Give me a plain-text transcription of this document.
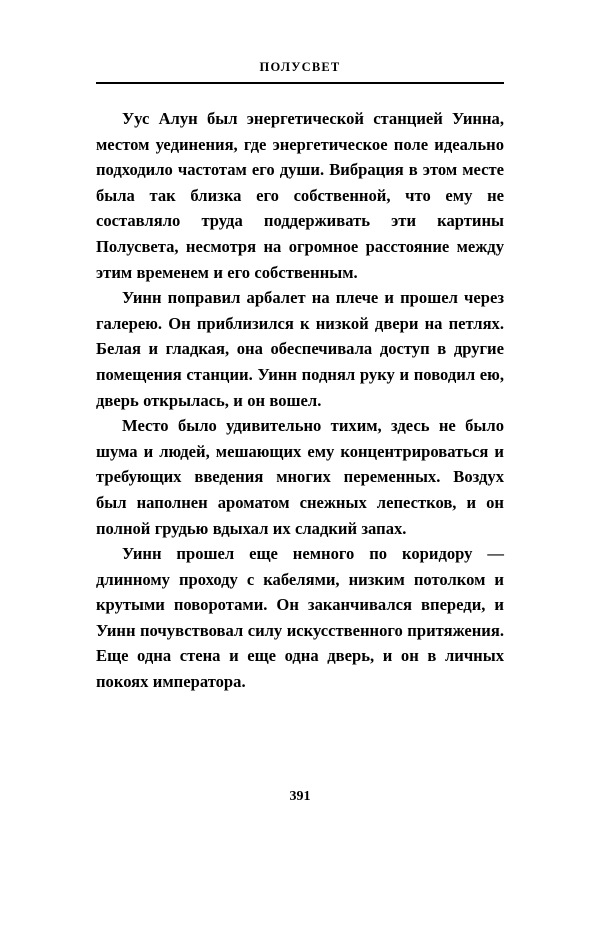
ПОЛУСВЕТ

Уус Алун был энергетической станцией Уинна, местом уединения, где энергетическое поле идеально подходило частотам его души. Вибрация в этом месте была так близка его собственной, что ему не составляло труда поддерживать эти картины Полусвета, несмотря на огромное расстояние между этим временем и его собственным.

Уинн поправил арбалет на плече и прошел через галерею. Он приблизился к низкой двери на петлях. Белая и гладкая, она обеспечивала доступ в другие помещения станции. Уинн поднял руку и поводил ею, дверь открылась, и он вошел.

Место было удивительно тихим, здесь не было шума и людей, мешающих ему концентрироваться и требующих введения многих переменных. Воздух был наполнен ароматом снежных лепестков, и он полной грудью вдыхал их сладкий запах.

Уинн прошел еще немного по коридору — длинному проходу с кабелями, низким потолком и крутыми поворотами. Он заканчивался впереди, и Уинн почувствовал силу искусственного притяжения. Еще одна стена и еще одна дверь, и он в личных покоях императора.

391
